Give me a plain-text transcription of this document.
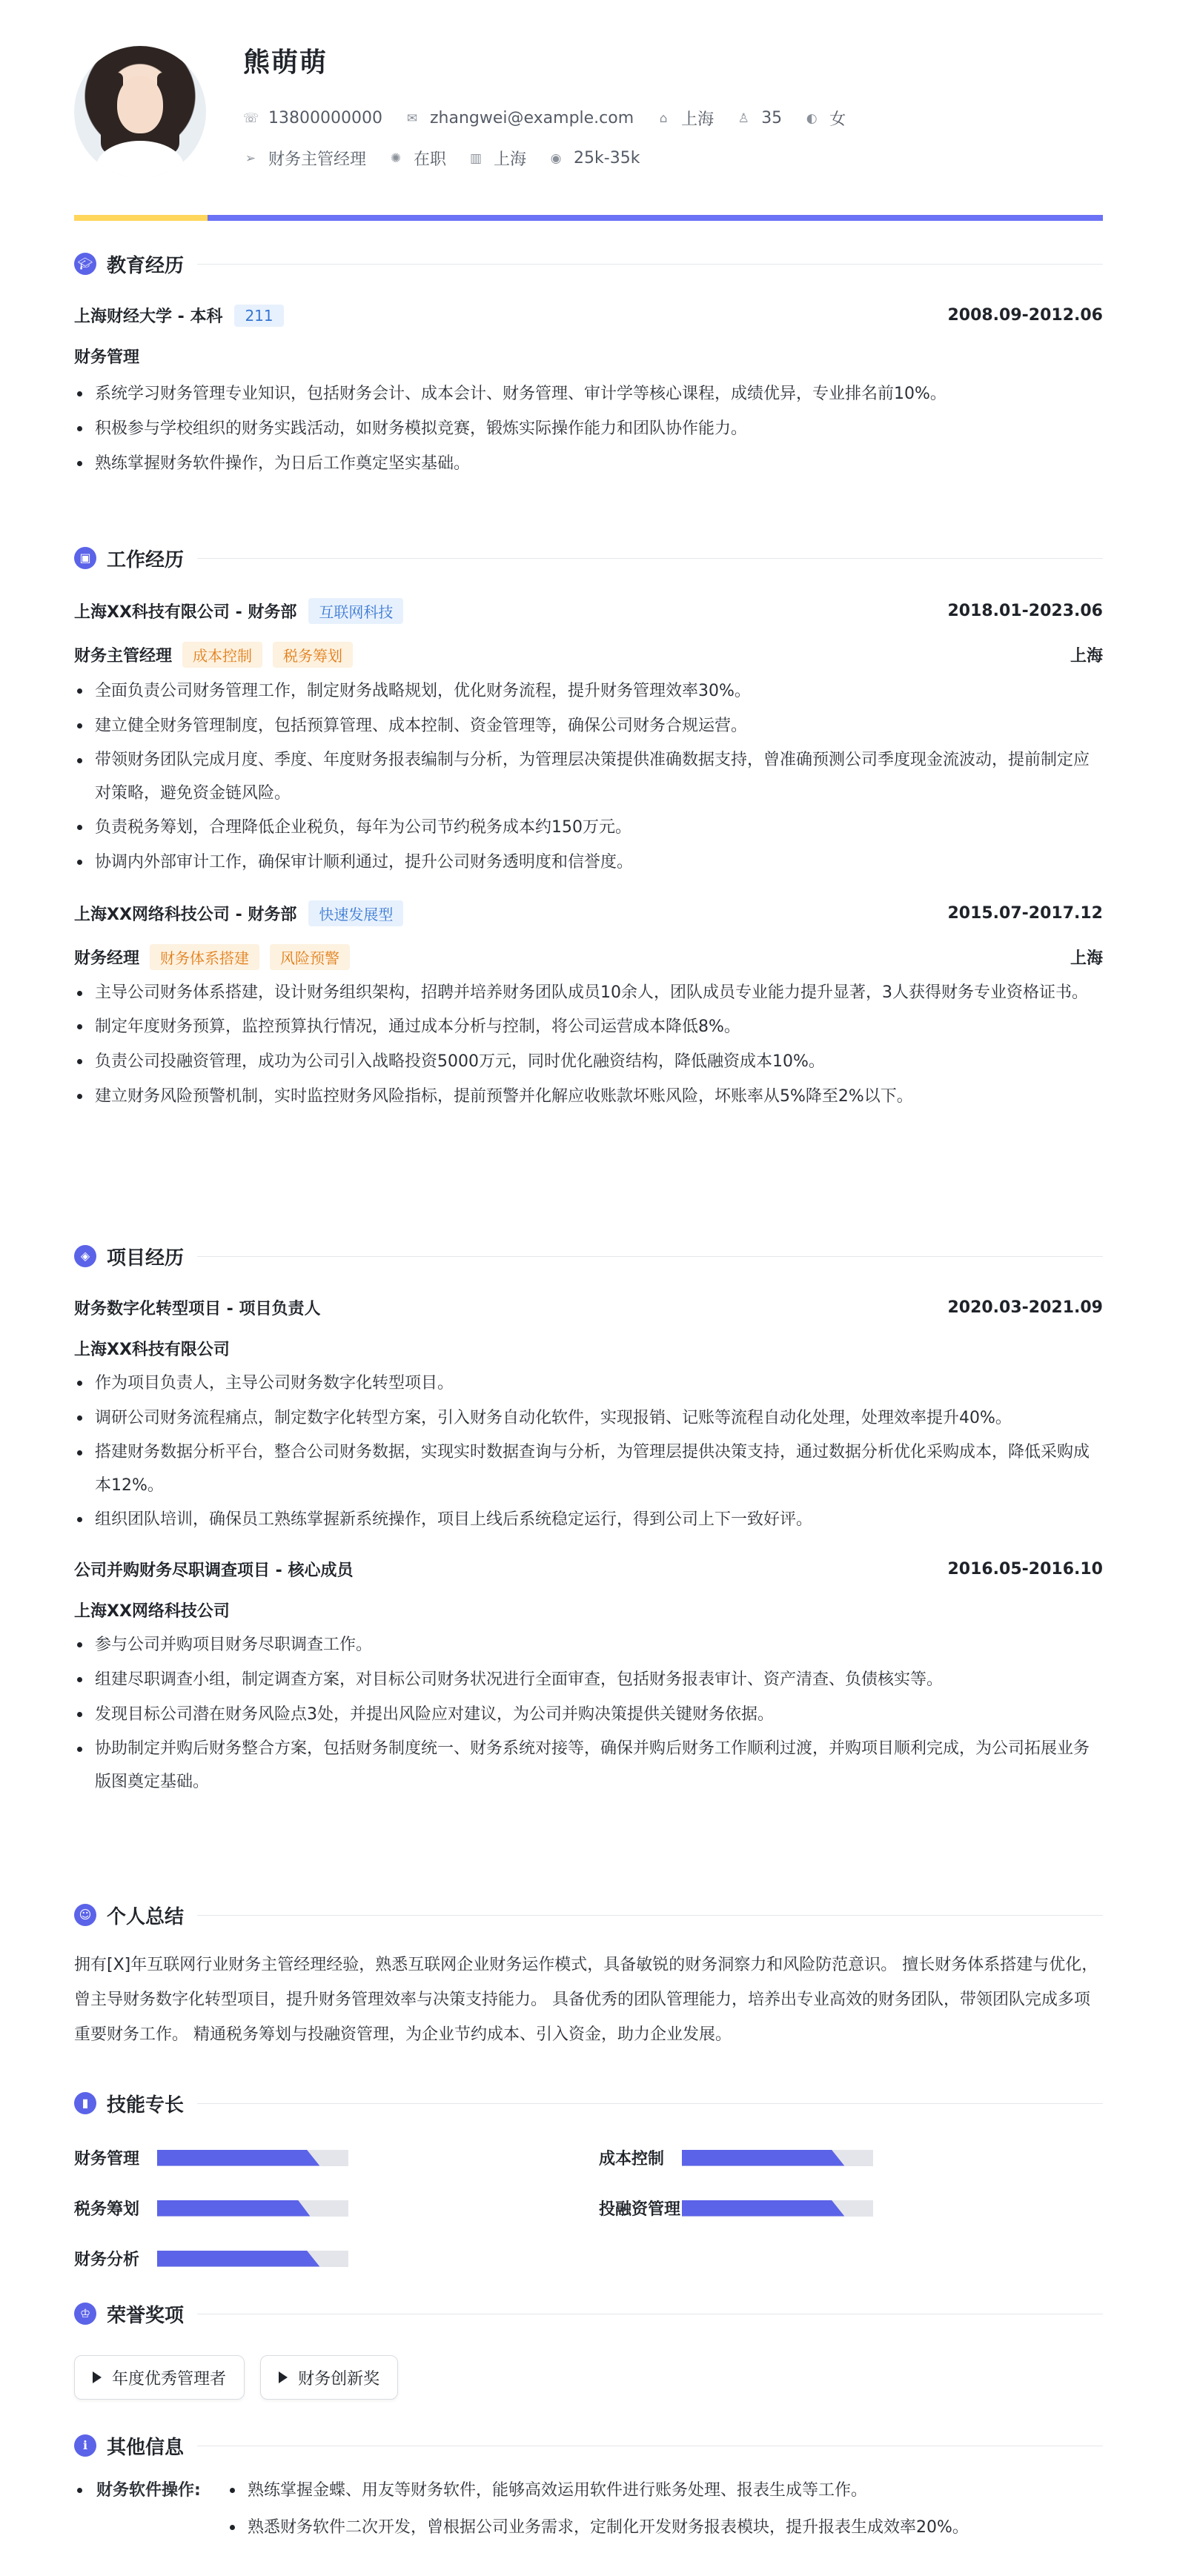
熊萌萌
☏ 13800000000 ✉ zhangwei@example.com ⌂ 上海 ♙ 35 ◐ 女
➢ 财务主管经理 ✺ 在职 ▥ 上海 ◉ 25k-35k
🎓︎ 教育经历
上海财经大学 - 本科	211	2008.09-2012.06
财务管理
系统学习财务管理专业知识，包括财务会计、成本会计、财务管理、审计学等核心课程，成绩优异，专业排名前10%。
积极参与学校组织的财务实践活动，如财务模拟竞赛，锻炼实际操作能力和团队协作能力。
熟练掌握财务软件操作，为日后工作奠定坚实基础。
▣ 工作经历
上海XX科技有限公司 - 财务部	互联网科技	2018.01-2023.06
财务主管经理	成本控制	税务筹划	上海
全面负责公司财务管理工作，制定财务战略规划，优化财务流程，提升财务管理效率30%。
建立健全财务管理制度，包括预算管理、成本控制、资金管理等，确保公司财务合规运营。
带领财务团队完成月度、季度、年度财务报表编制与分析，为管理层决策提供准确数据支持，曾准确预测公司季度现金流波动，提前制定应对策略，避免资金链风险。
负责税务筹划，合理降低企业税负，每年为公司节约税务成本约150万元。
协调内外部审计工作，确保审计顺利通过，提升公司财务透明度和信誉度。
上海XX网络科技公司 - 财务部	快速发展型	2015.07-2017.12
财务经理	财务体系搭建	风险预警	上海
主导公司财务体系搭建，设计财务组织架构，招聘并培养财务团队成员10余人，团队成员专业能力提升显著，3人获得财务专业资格证书。
制定年度财务预算，监控预算执行情况，通过成本分析与控制，将公司运营成本降低8%。
负责公司投融资管理，成功为公司引入战略投资5000万元，同时优化融资结构，降低融资成本10%。
建立财务风险预警机制，实时监控财务风险指标，提前预警并化解应收账款坏账风险，坏账率从5%降至2%以下。
◈ 项目经历
财务数字化转型项目 - 项目负责人	2020.03-2021.09
上海XX科技有限公司
作为项目负责人，主导公司财务数字化转型项目。
调研公司财务流程痛点，制定数字化转型方案，引入财务自动化软件，实现报销、记账等流程自动化处理，处理效率提升40%。
搭建财务数据分析平台，整合公司财务数据，实现实时数据查询与分析，为管理层提供决策支持，通过数据分析优化采购成本，降低采购成本12%。
组织团队培训，确保员工熟练掌握新系统操作，项目上线后系统稳定运行，得到公司上下一致好评。
公司并购财务尽职调查项目 - 核心成员	2016.05-2016.10
上海XX网络科技公司
参与公司并购项目财务尽职调查工作。
组建尽职调查小组，制定调查方案，对目标公司财务状况进行全面审查，包括财务报表审计、资产清查、负债核实等。
发现目标公司潜在财务风险点3处，并提出风险应对建议，为公司并购决策提供关键财务依据。
协助制定并购后财务整合方案，包括财务制度统一、财务系统对接等，确保并购后财务工作顺利过渡，并购项目顺利完成，为公司拓展业务版图奠定基础。
☺ 个人总结
拥有[X]年互联网行业财务主管经理经验，熟悉互联网企业财务运作模式，具备敏锐的财务洞察力和风险防范意识。 擅长财务体系搭建与优化，曾主导财务数字化转型项目，提升财务管理效率与决策支持能力。 具备优秀的团队管理能力，培养出专业高效的财务团队，带领团队完成多项重要财务工作。 精通税务筹划与投融资管理，为企业节约成本、引入资金，助力企业发展。
▮ 技能专长
财务管理	成本控制
税务筹划	投融资管理
财务分析
♔ 荣誉奖项
年度优秀管理者
	财务创新奖
ℹ 其他信息
财务软件操作:	熟练掌握金蝶、用友等财务软件，能够高效运用软件进行账务处理、报表生成等工作。
熟悉财务软件二次开发，曾根据公司业务需求，定制化开发财务报表模块，提升报表生成效率20%。
